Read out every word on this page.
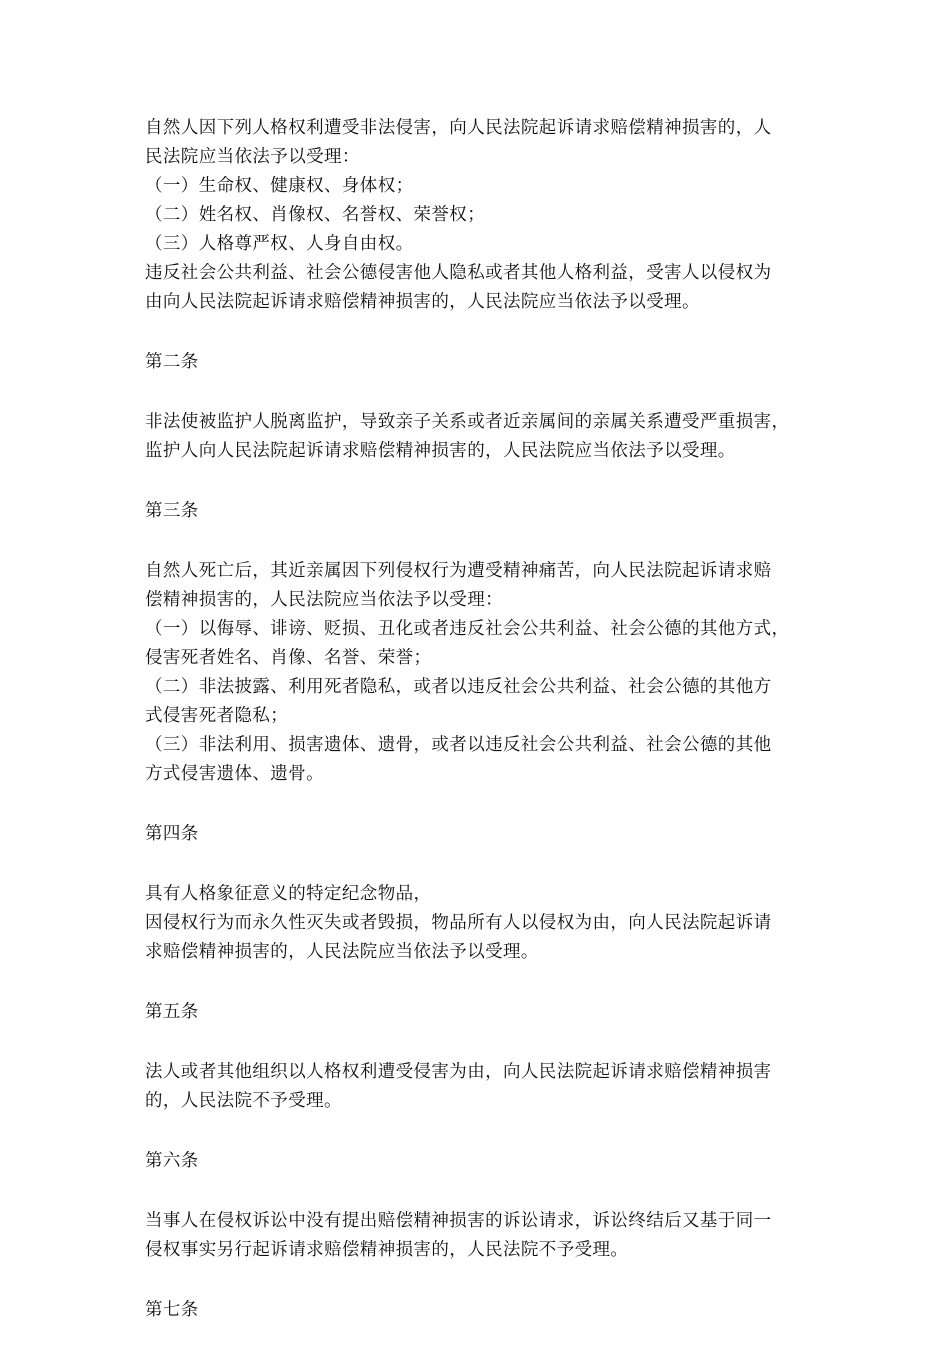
自然人因下列人格权利遭受非法侵害，向人民法院起诉请求赔偿精神损害的，人
民法院应当依法予以受理：
（一）生命权、健康权、身体权；
（二）姓名权、肖像权、名誉权、荣誉权；
（三）人格尊严权、人身自由权。
违反社会公共利益、社会公德侵害他人隐私或者其他人格利益，受害人以侵权为
由向人民法院起诉请求赔偿精神损害的，人民法院应当依法予以受理。
第二条
非法使被监护人脱离监护，导致亲子关系或者近亲属间的亲属关系遭受严重损害，
监护人向人民法院起诉请求赔偿精神损害的，人民法院应当依法予以受理。
第三条
自然人死亡后，其近亲属因下列侵权行为遭受精神痛苦，向人民法院起诉请求赔
偿精神损害的，人民法院应当依法予以受理：
（一）以侮辱、诽谤、贬损、丑化或者违反社会公共利益、社会公德的其他方式，
侵害死者姓名、肖像、名誉、荣誉；
（二）非法披露、利用死者隐私，或者以违反社会公共利益、社会公德的其他方
式侵害死者隐私；
（三）非法利用、损害遗体、遗骨，或者以违反社会公共利益、社会公德的其他
方式侵害遗体、遗骨。
第四条
具有人格象征意义的特定纪念物品，
因侵权行为而永久性灭失或者毁损，物品所有人以侵权为由，向人民法院起诉请
求赔偿精神损害的，人民法院应当依法予以受理。
第五条
法人或者其他组织以人格权利遭受侵害为由，向人民法院起诉请求赔偿精神损害
的，人民法院不予受理。
第六条
当事人在侵权诉讼中没有提出赔偿精神损害的诉讼请求，诉讼终结后又基于同一
侵权事实另行起诉请求赔偿精神损害的，人民法院不予受理。
第七条
